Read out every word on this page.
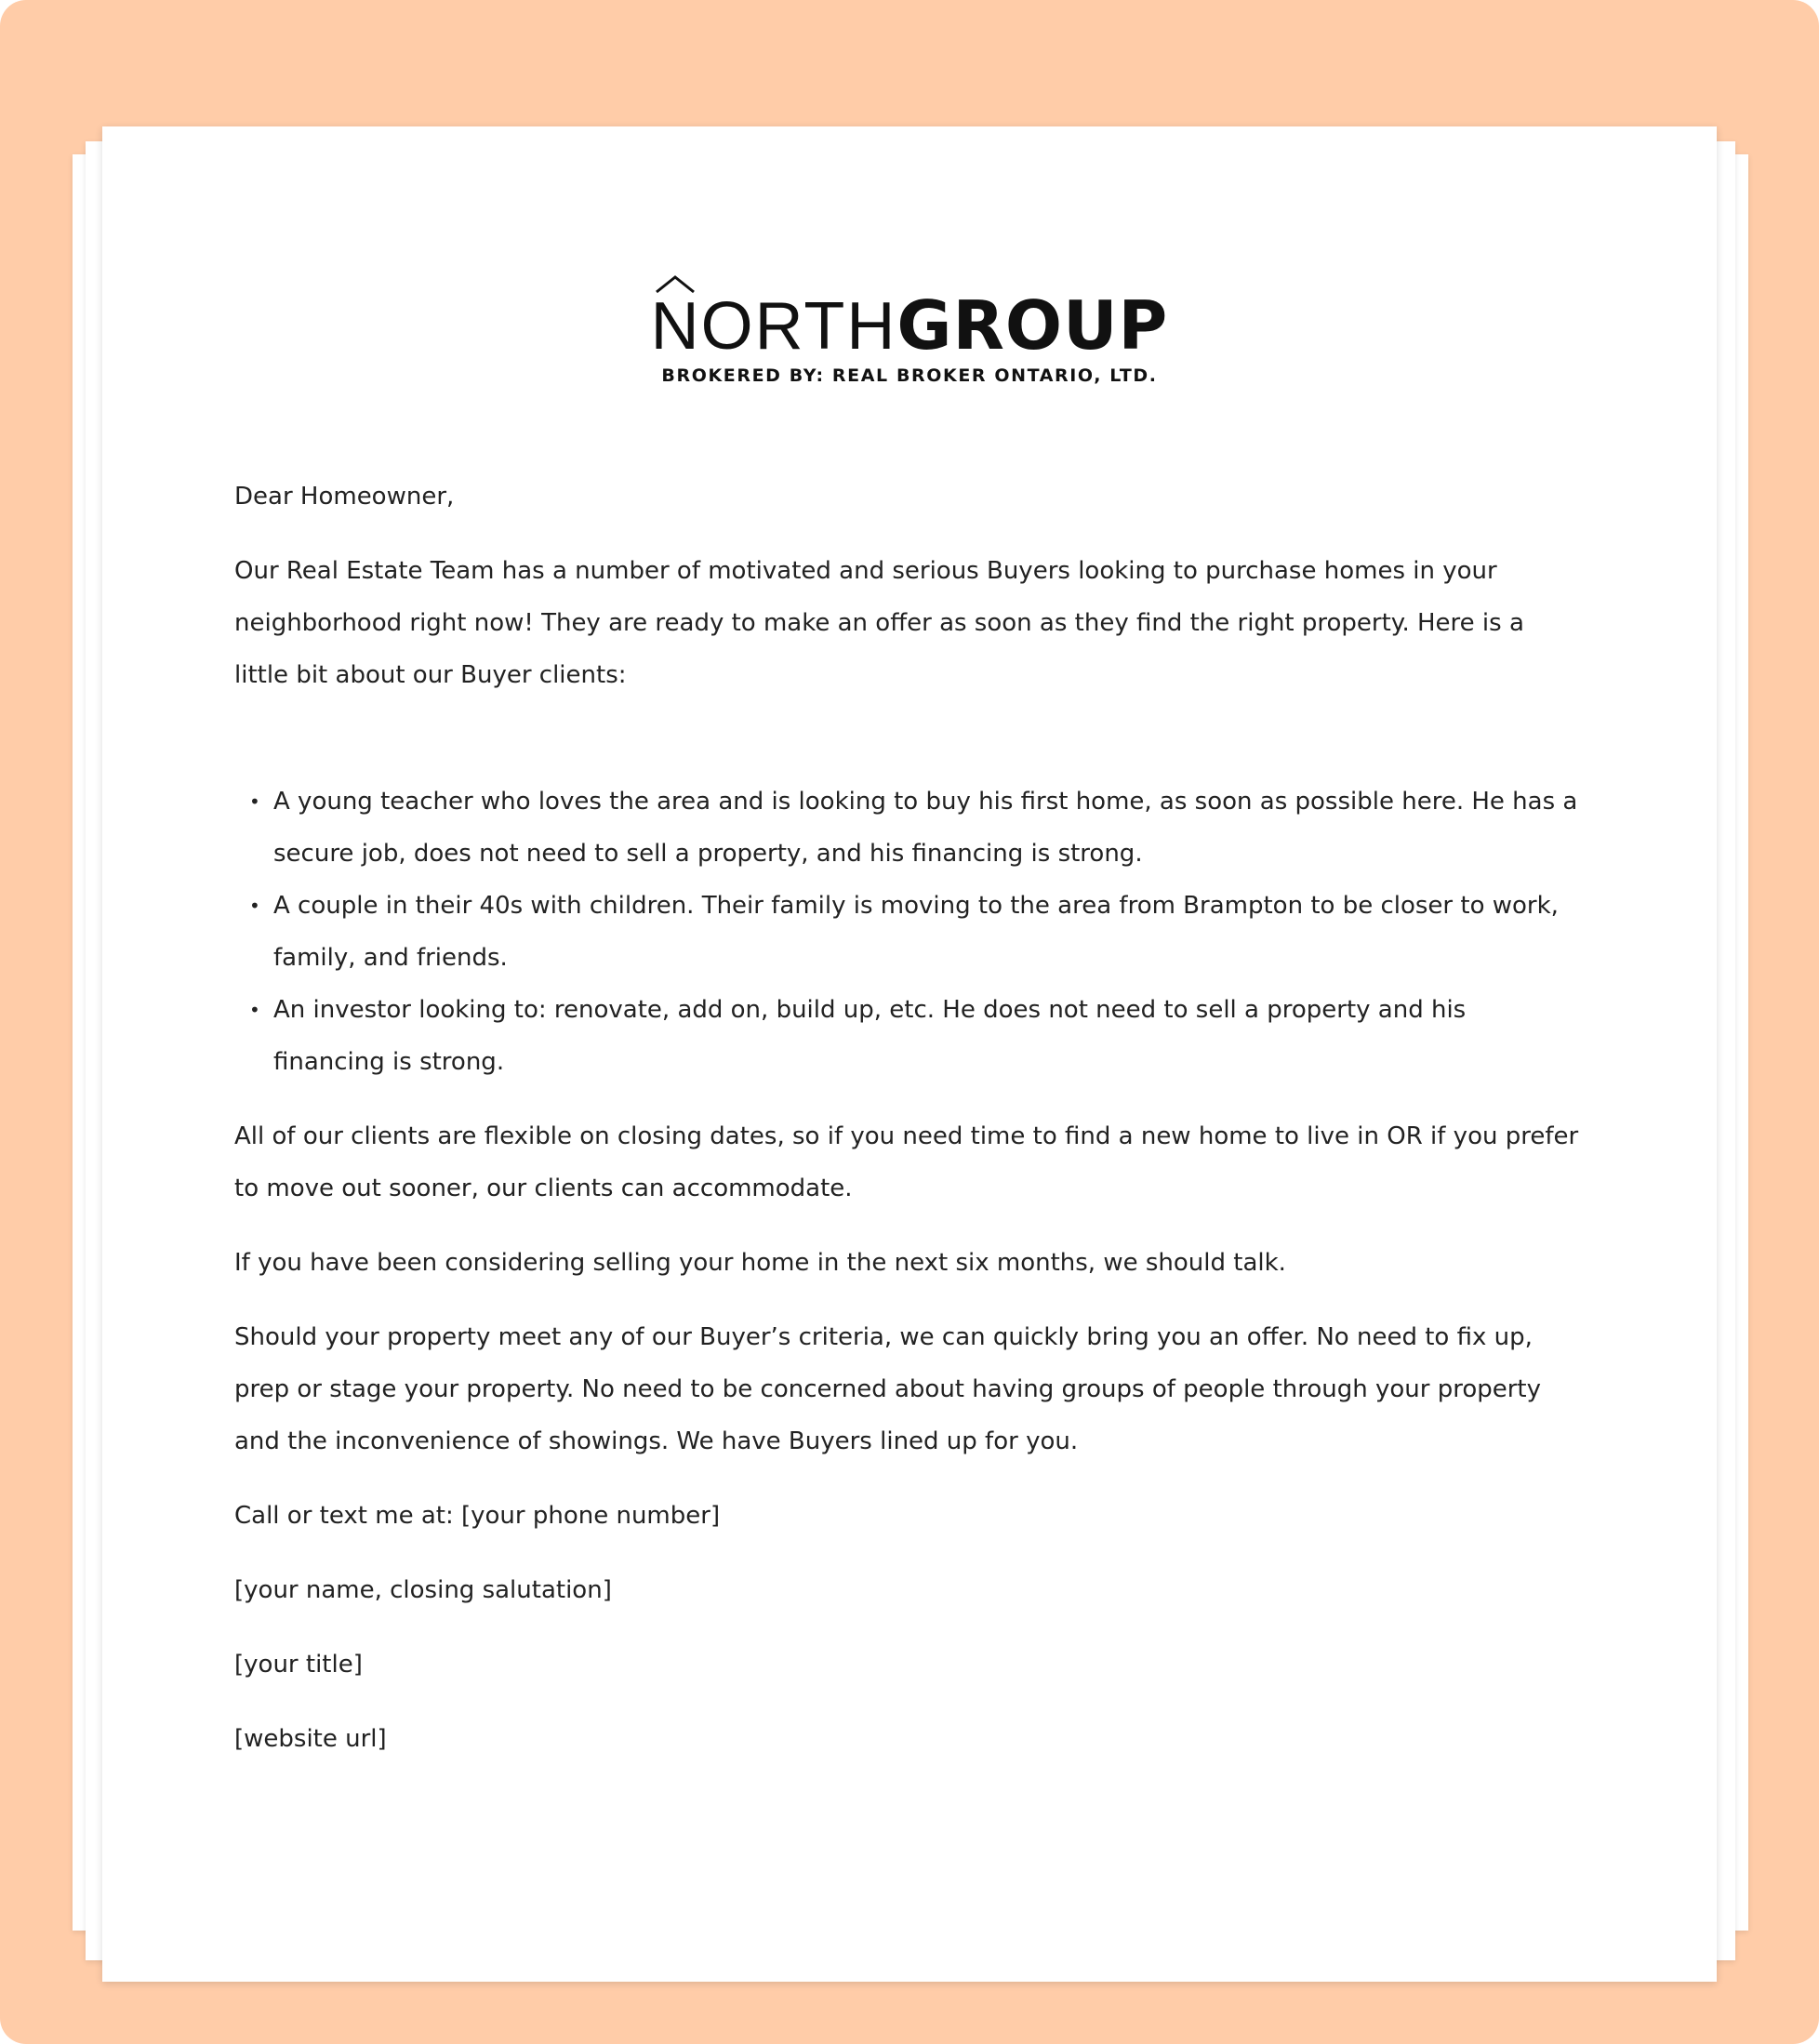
NORTHGROUP
BROKERED BY: REAL BROKER ONTARIO, LTD.

Dear Homeowner,

Our Real Estate Team has a number of motivated and serious Buyers looking to purchase homes in your neighborhood right now! They are ready to make an offer as soon as they find the right property. Here is a little bit about our Buyer clients:

• A young teacher who loves the area and is looking to buy his first home, as soon as possible here. He has a secure job, does not need to sell a property, and his financing is strong.
• A couple in their 40s with children. Their family is moving to the area from Brampton to be closer to work, family, and friends.
• An investor looking to: renovate, add on, build up, etc. He does not need to sell a property and his financing is strong.

All of our clients are flexible on closing dates, so if you need time to find a new home to live in OR if you prefer to move out sooner, our clients can accommodate.

If you have been considering selling your home in the next six months, we should talk.

Should your property meet any of our Buyer’s criteria, we can quickly bring you an offer. No need to fix up, prep or stage your property. No need to be concerned about having groups of people through your property and the inconvenience of showings. We have Buyers lined up for you.

Call or text me at: [your phone number]

[your name, closing salutation]

[your title]

[website url]
